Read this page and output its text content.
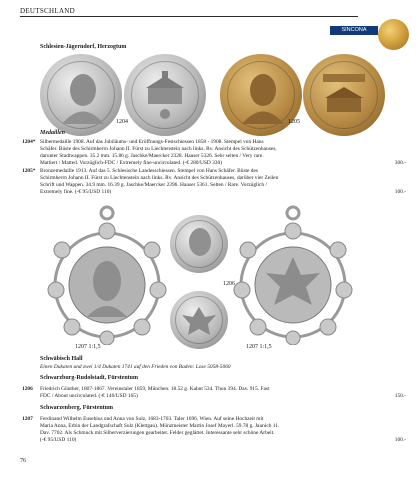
DEUTSCHLAND
SINCONA
Schlesien-Jägerndorf, Herzogtum
1204	1205
Medaillen
1204* Silbermedaille 1908. Auf das Jubiläums- und Eröffnungs-Festschiessen 1858 - 1908. Stempel von Hans
Schäfer. Büste des Schirmherrn Johann II. Fürst zu Liechtenstein nach links. Rv. Ansicht des Schützenhauses,
darunter Stadtwappen. 35.2 mm. 15.86 g. Jaschke/Maercker 2328. Hauser 5326. Sehr selten / Very rare.
Mattiert / Matted. Vorzüglich-FDC / Extremely fine-uncirculated. (-€ 280/USD 330)	300.-
1205* Bronzemedaille 1913. Auf das 5. Schlesische Landesschiessen. Stempel von Hans Schäfer. Büste des
Schirmherrn Johann II. Fürst zu Liechtenstein nach links. Rv. Ansicht des Schützenhauses, darüber vier Zeilen
Schrift und Wappen. 34.9 mm. 16.39 g. Jaschke/Maercker 2396. Hauser 5361. Selten / Rare. Vorzüglich /
Extremely fine. (-€ 95/USD 110)	100.-
1206
1207 1:1,5	1207 1:1,5
Schwäbisch Hall
Einen Dukaten und zwei 1/4 Dukaten 1741 auf den Frieden von Baden: Lose 5058-5060
Schwarzburg-Rudolstadt, Fürstentum
1206 Friedrich Günther, 1807-1867. Vereinstaler 1859, München. 18.52 g. Kahnt 534. Thun 394. Dav. 915. Fast
FDC / About uncirculated. (-€ 140/USD 165)	150.-
Schwarzenberg, Fürstentum
1207 Ferdinand Wilhelm Eusebius und Anna von Sulz, 1683-1703. Taler 1696, Wien. Auf seine Hochzeit mit
Maria Anna, Erbin der Landgrafschaft Sulz (Klettgau). Münzmeister Martin Josef Mayerl. 59.78 g. Jaunich 11.
Dav. 7702. Als Schmuck mit Silberverzierungen gearbeitet. Felder geglättet. Interessante sehr schöne Arbeit.
(-€ 95/USD 110)	100.-
76
